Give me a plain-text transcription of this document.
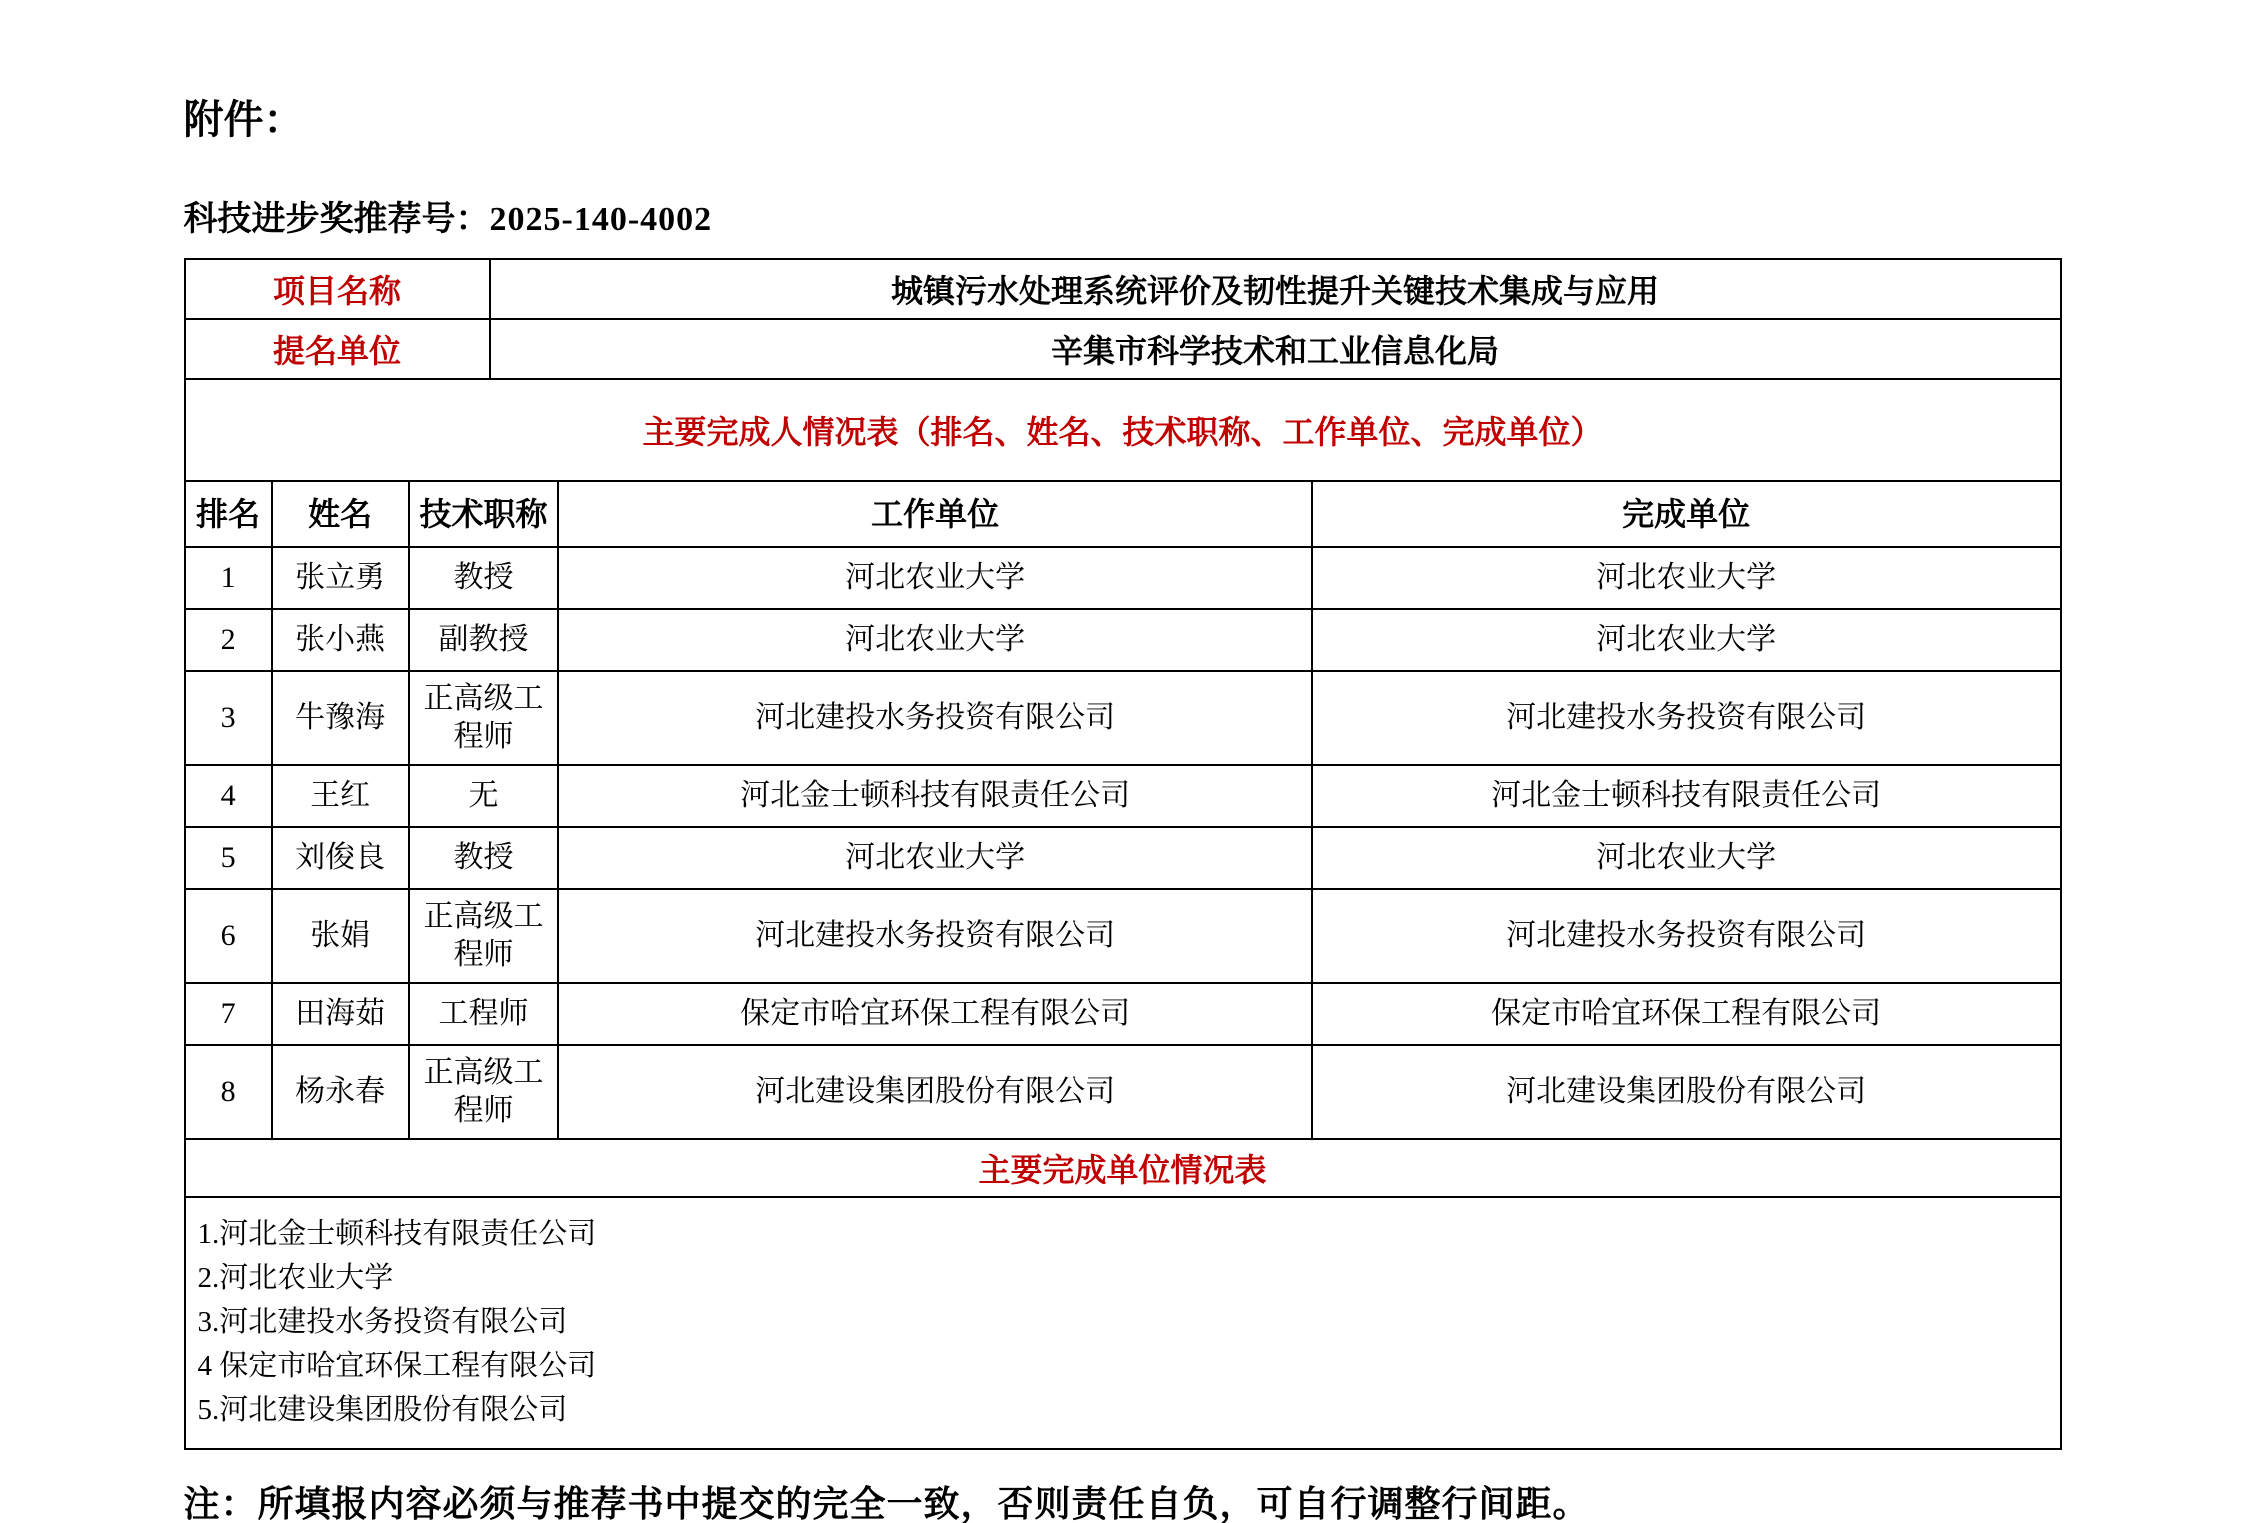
附件：
科技进步奖推荐号：2025-140-4002
项目名称	城镇污水处理系统评价及韧性提升关键技术集成与应用
提名单位	辛集市科学技术和工业信息化局
主要完成人情况表（排名、姓名、技术职称、工作单位、完成单位）
排名	姓名	技术职称	工作单位	完成单位
1	张立勇	教授	河北农业大学	河北农业大学
2	张小燕	副教授	河北农业大学	河北农业大学
3	牛豫海	正高级工程师	河北建投水务投资有限公司	河北建投水务投资有限公司
4	王红	无	河北金士顿科技有限责任公司	河北金士顿科技有限责任公司
5	刘俊良	教授	河北农业大学	河北农业大学
6	张娟	正高级工程师	河北建投水务投资有限公司	河北建投水务投资有限公司
7	田海茹	工程师	保定市哈宜环保工程有限公司	保定市哈宜环保工程有限公司
8	杨永春	正高级工程师	河北建设集团股份有限公司	河北建设集团股份有限公司
主要完成单位情况表
1.河北金士顿科技有限责任公司
2.河北农业大学
3.河北建投水务投资有限公司
4 保定市哈宜环保工程有限公司
5.河北建设集团股份有限公司
注：所填报内容必须与推荐书中提交的完全一致，否则责任自负，可自行调整行间距。
